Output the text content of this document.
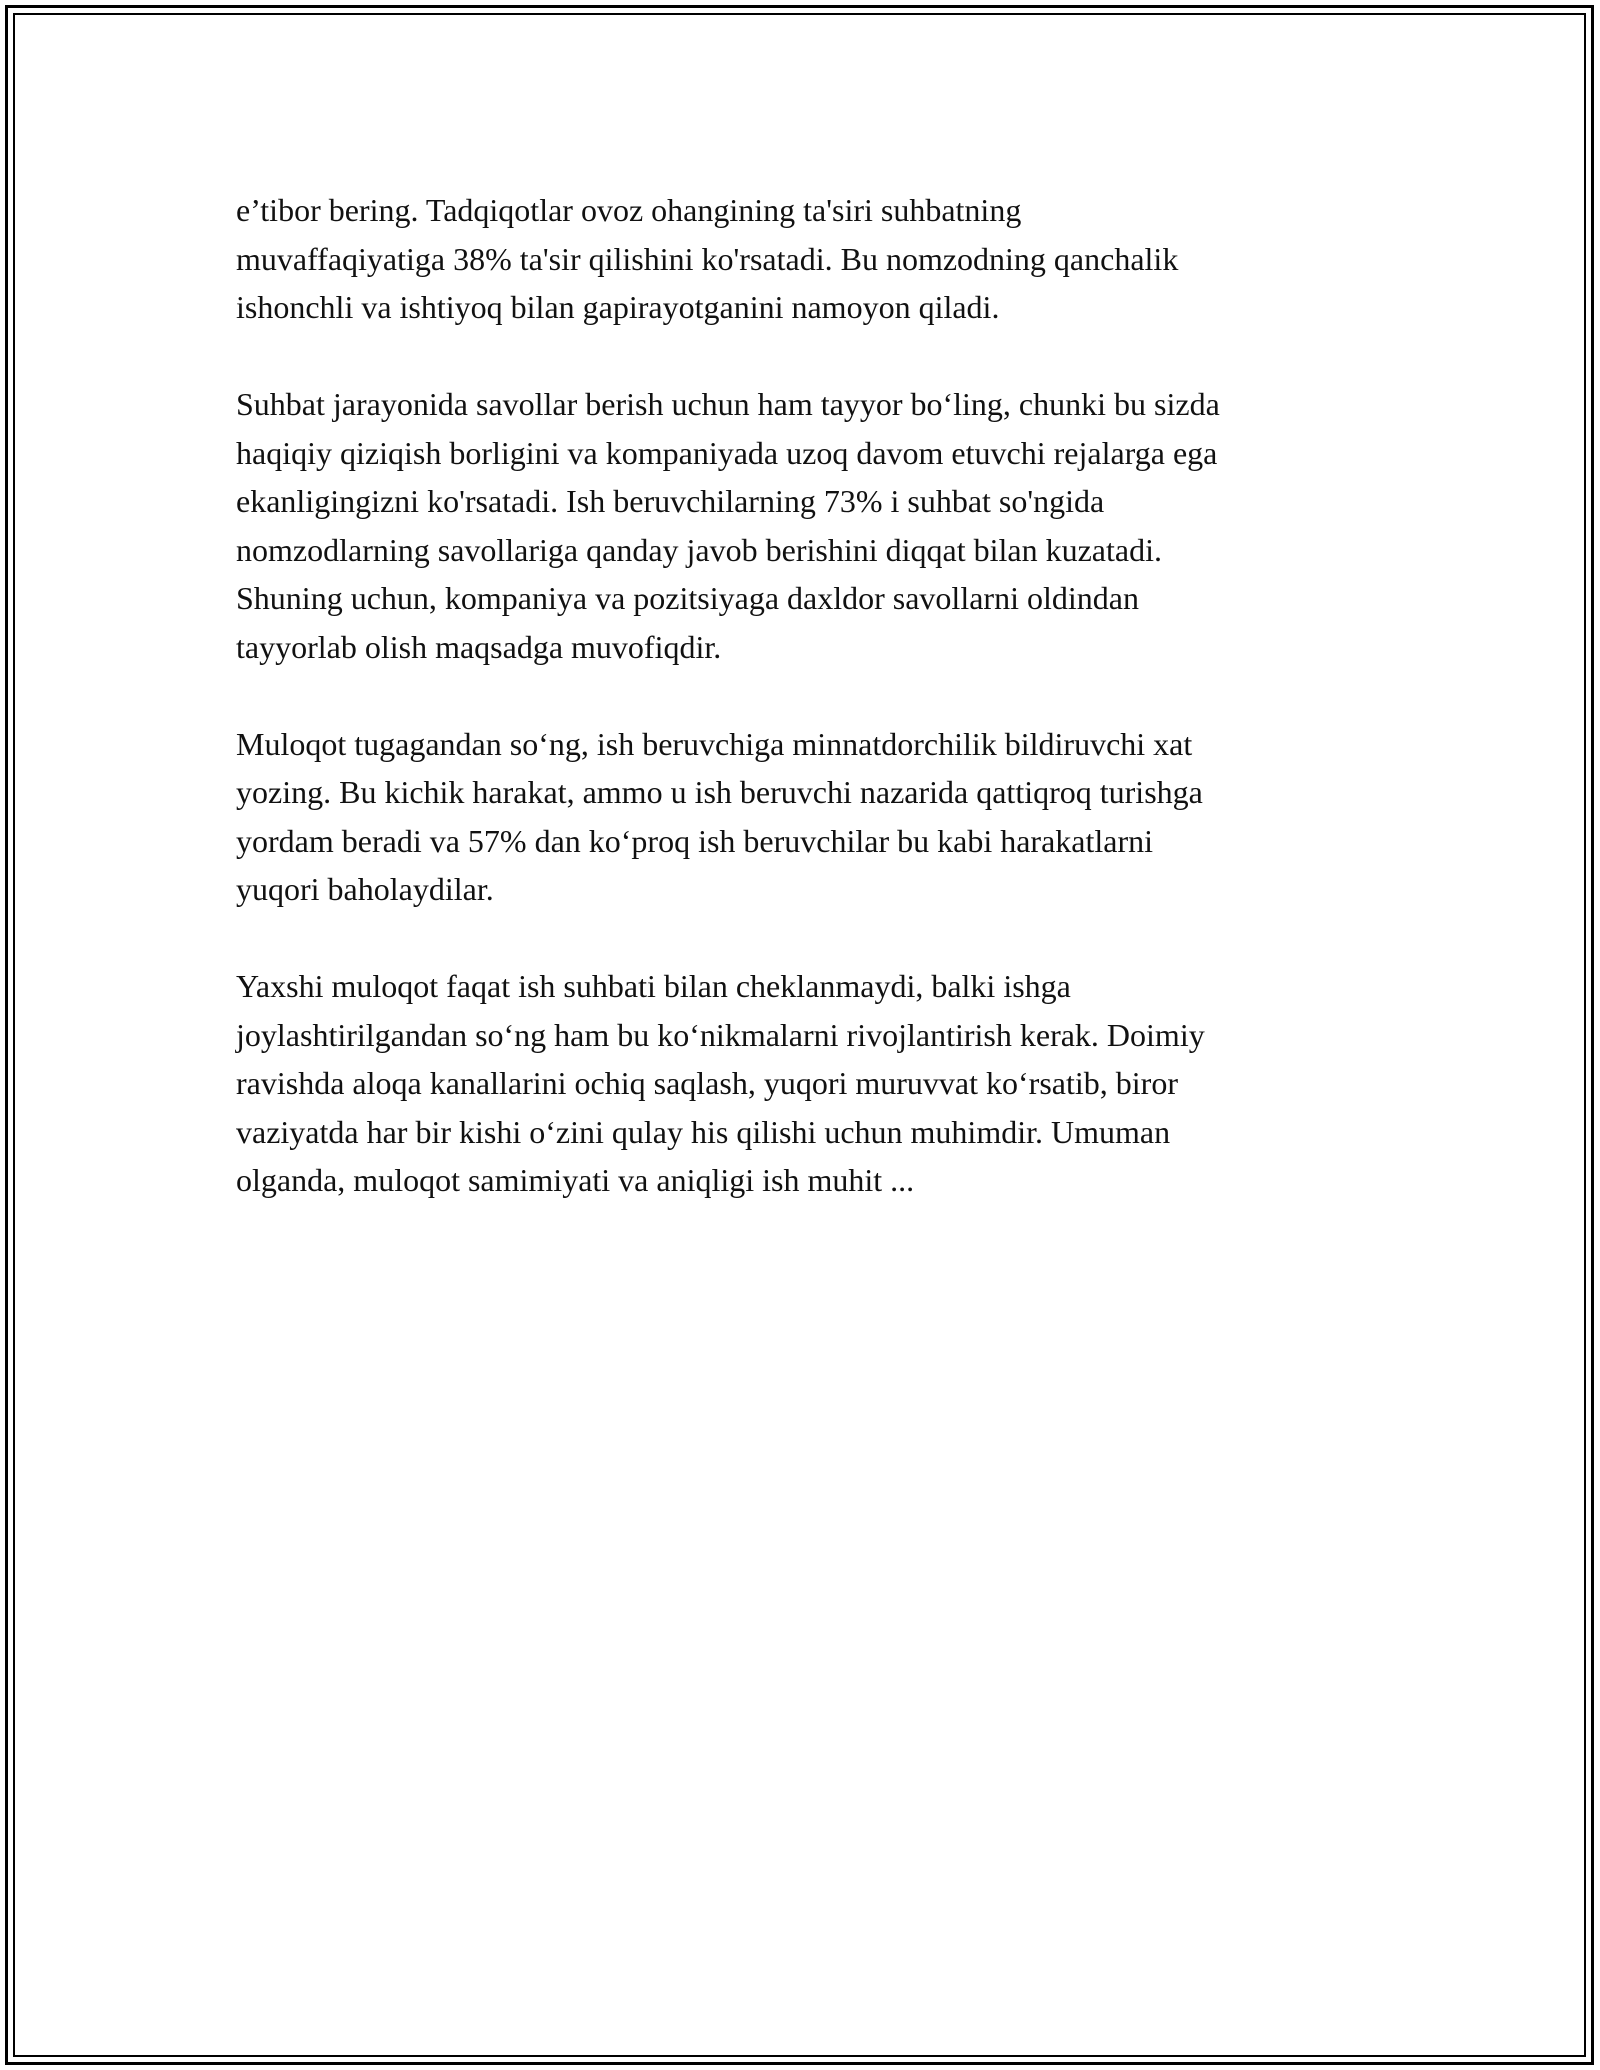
e’tibor bering. Tadqiqotlar ovoz ohangining ta'siri suhbatning
muvaffaqiyatiga 38% ta'sir qilishini ko'rsatadi. Bu nomzodning qanchalik
ishonchli va ishtiyoq bilan gapirayotganini namoyon qiladi.

Suhbat jarayonida savollar berish uchun ham tayyor bo‘ling, chunki bu sizda
haqiqiy qiziqish borligini va kompaniyada uzoq davom etuvchi rejalarga ega
ekanligingizni ko'rsatadi. Ish beruvchilarning 73% i suhbat so'ngida
nomzodlarning savollariga qanday javob berishini diqqat bilan kuzatadi.
Shuning uchun, kompaniya va pozitsiyaga daxldor savollarni oldindan
tayyorlab olish maqsadga muvofiqdir.

Muloqot tugagandan so‘ng, ish beruvchiga minnatdorchilik bildiruvchi xat
yozing. Bu kichik harakat, ammo u ish beruvchi nazarida qattiqroq turishga
yordam beradi va 57% dan ko‘proq ish beruvchilar bu kabi harakatlarni
yuqori baholaydilar.

Yaxshi muloqot faqat ish suhbati bilan cheklanmaydi, balki ishga
joylashtirilgandan so‘ng ham bu ko‘nikmalarni rivojlantirish kerak. Doimiy
ravishda aloqa kanallarini ochiq saqlash, yuqori muruvvat ko‘rsatib, biror
vaziyatda har bir kishi o‘zini qulay his qilishi uchun muhimdir. Umuman
olganda, muloqot samimiyati va aniqligi ish muhit ...
